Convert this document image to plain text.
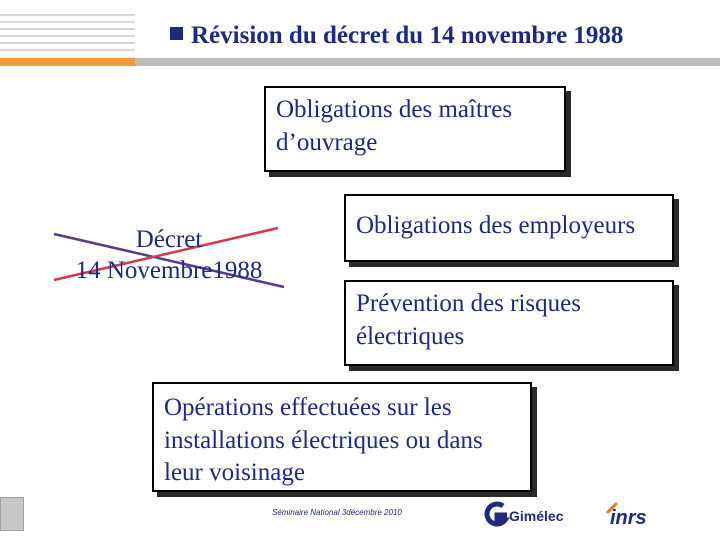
Révision du décret du 14 novembre 1988
Obligations des maîtres d’ouvrage
Obligations des employeurs
Prévention des risques électriques
Opérations effectuées sur les installations électriques ou dans leur voisinage
Décret
14 Novembre1988
Séminaire National 3décembre 2010	Gimélec inrs
